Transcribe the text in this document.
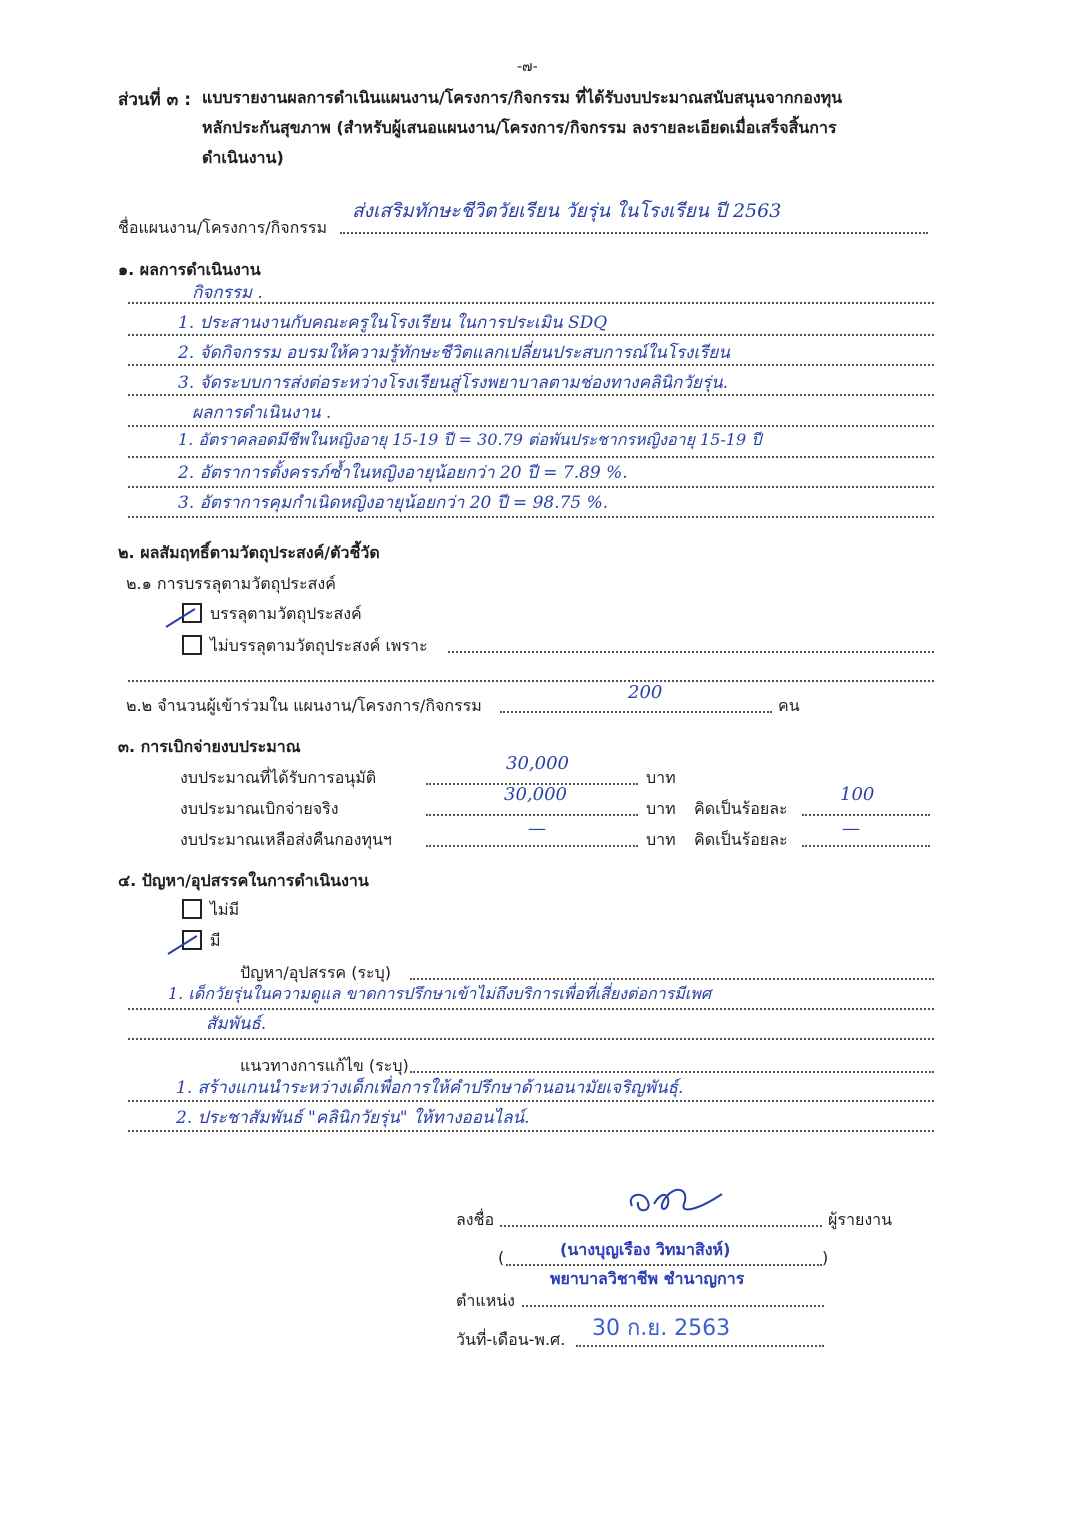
-๗-
ส่วนที่ ๓ : แบบรายงานผลการดำเนินแผนงาน/โครงการ/กิจกรรม ที่ได้รับงบประมาณสนับสนุนจากกองทุน
หลักประกันสุขภาพ (สำหรับผู้เสนอแผนงาน/โครงการ/กิจกรรม ลงรายละเอียดเมื่อเสร็จสิ้นการ
ดำเนินงาน)
ชื่อแผนงาน/โครงการ/กิจกรรม
ส่งเสริมทักษะชีวิตวัยเรียน วัยรุ่น ในโรงเรียน ปี 2563
๑. ผลการดำเนินงาน
กิจกรรม .
1. ประสานงานกับคณะครูในโรงเรียน ในการประเมิน SDQ
2. จัดกิจกรรม อบรมให้ความรู้ทักษะชีวิตแลกเปลี่ยนประสบการณ์ในโรงเรียน
3. จัดระบบการส่งต่อระหว่างโรงเรียนสู่โรงพยาบาลตามช่องทางคลินิกวัยรุ่น.
ผลการดำเนินงาน .
1. อัตราคลอดมีชีพในหญิงอายุ 15-19 ปี = 30.79 ต่อพันประชากรหญิงอายุ 15-19 ปี
2. อัตราการตั้งครรภ์ซ้ำในหญิงอายุน้อยกว่า 20 ปี = 7.89 %.
3. อัตราการคุมกำเนิดหญิงอายุน้อยกว่า 20 ปี = 98.75 %.
๒. ผลสัมฤทธิ์ตามวัตถุประสงค์/ตัวชี้วัด
๒.๑ การบรรลุตามวัตถุประสงค์
บรรลุตามวัตถุประสงค์
ไม่บรรลุตามวัตถุประสงค์ เพราะ
๒.๒ จำนวนผู้เข้าร่วมใน แผนงาน/โครงการ/กิจกรรม
200
คน
๓. การเบิกจ่ายงบประมาณ
งบประมาณที่ได้รับการอนุมัติ
30,000
บาท
งบประมาณเบิกจ่ายจริง
30,000
บาท คิดเป็นร้อยละ
100
งบประมาณเหลือส่งคืนกองทุนฯ
—
บาท คิดเป็นร้อยละ
—
๔. ปัญหา/อุปสรรคในการดำเนินงาน
ไม่มี
มี
ปัญหา/อุปสรรค (ระบุ)
1. เด็กวัยรุ่นในความดูแล ขาดการปรึกษาเข้าไม่ถึงบริการเพื่อที่เสี่ยงต่อการมีเพศ
สัมพันธ์.
แนวทางการแก้ไข (ระบุ)
1. สร้างแกนนำระหว่างเด็กเพื่อการให้คำปรึกษาด้านอนามัยเจริญพันธุ์.
2. ประชาสัมพันธ์ "คลินิกวัยรุ่น" ให้ทางออนไลน์.
ลงชื่อ	ผู้รายงาน
(	)
(นางบุญเรือง วิทมาสิงห์)
ตำแหน่ง
พยาบาลวิชาชีพ ชำนาญการ
วันที่-เดือน-พ.ศ. 30 ก.ย. 2563
